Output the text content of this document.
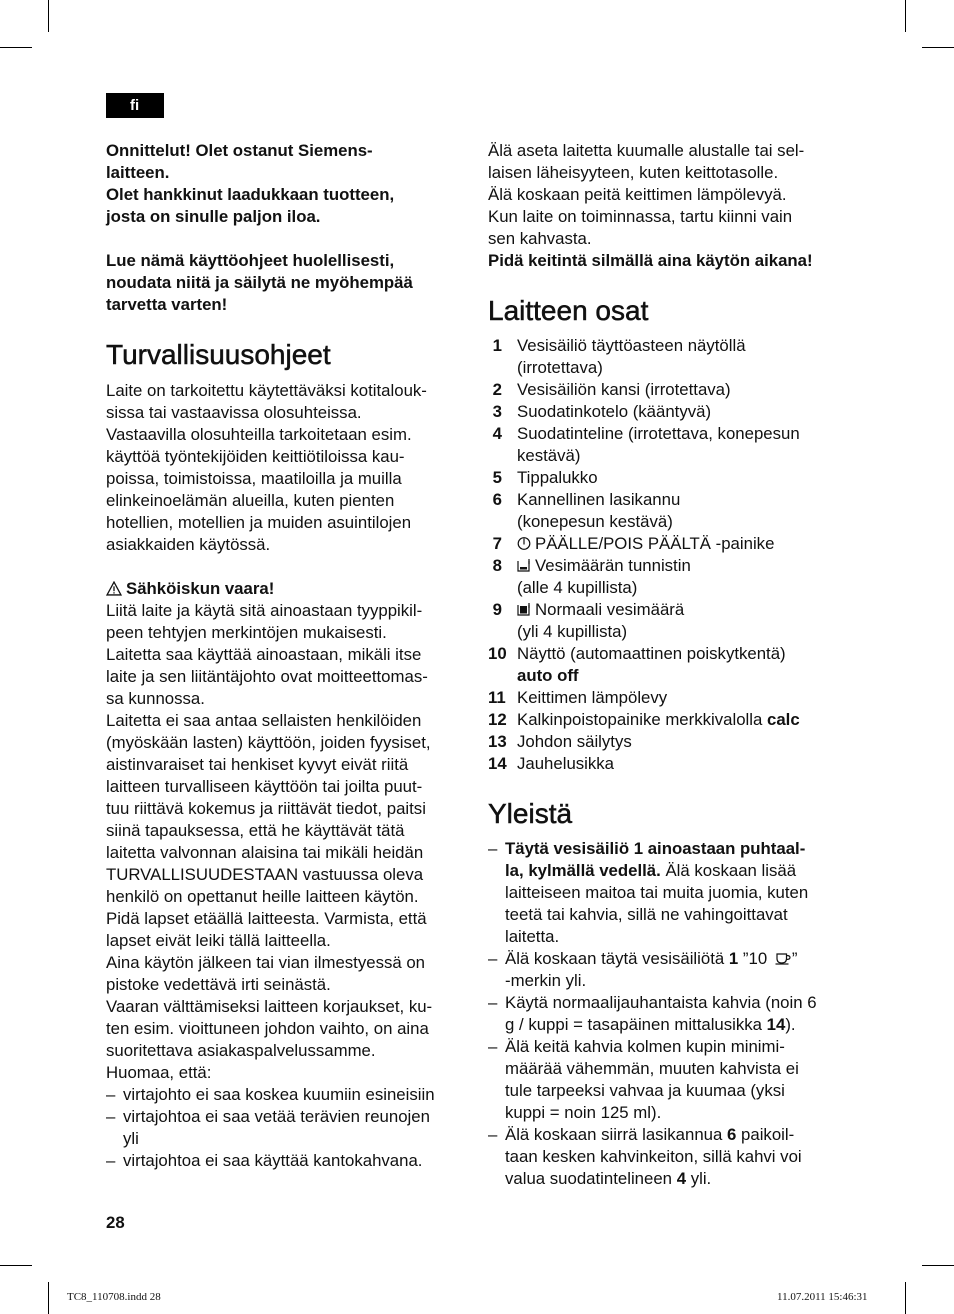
fi

Onnittelut! Olet ostanut Siemens-

laitteen.

Olet hankkinut laadukkaan tuotteen,

josta on sinulle paljon iloa.

Lue nämä käyttöohjeet huolellisesti,

noudata niitä ja säilytä ne myöhempää

tarvetta varten!

Turvallisuusohjeet

Laite on tarkoitettu käytettäväksi kotitalouk-

sissa tai vastaavissa olosuhteissa.

Vastaavilla olosuhteilla tarkoitetaan esim.

käyttöä työntekijöiden keittiötiloissa kau-

poissa, toimistoissa, maatiloilla ja muilla

elinkeinoelämän alueilla, kuten pienten

hotellien, motellien ja muiden asuintilojen

asiakkaiden käytössä.

Sähköiskun vaara!

Liitä laite ja käytä sitä ainoastaan tyyppikil-

peen tehtyjen merkintöjen mukaisesti.

Laitetta saa käyttää ainoastaan, mikäli itse

laite ja sen liitäntäjohto ovat moitteettomas-

sa kunnossa.

Laitetta ei saa antaa sellaisten henkilöiden

(myöskään lasten) käyttöön, joiden fyysiset,

aistinvaraiset tai henkiset kyvyt eivät riitä

laitteen turvalliseen käyttöön tai joilta puut-

tuu riittävä kokemus ja riittävät tiedot, paitsi

siinä tapauksessa, että he käyttävät tätä

laitetta valvonnan alaisina tai mikäli heidän

TURVALLISUUDESTAAN vastuussa oleva

henkilö on opettanut heille laitteen käytön.

Pidä lapset etäällä laitteesta. Varmista, että

lapset eivät leiki tällä laitteella.

Aina käytön jälkeen tai vian ilmestyessä on

pistoke vedettävä irti seinästä.

Vaaran välttämiseksi laitteen korjaukset, ku-

ten esim. vioittuneen johdon vaihto, on aina

suoritettava asiakaspalvelussamme.

Huomaa, että:

– virtajohto ei saa koskea kuumiin esineisiin

– virtajohtoa ei saa vetää terävien reunojen

yli

– virtajohtoa ei saa käyttää kantokahvana.

Älä aseta laitetta kuumalle alustalle tai sel-

laisen läheisyyteen, kuten keittotasolle.

Älä koskaan peitä keittimen lämpölevyä.

Kun laite on toiminnassa, tartu kiinni vain

sen kahvasta.

Pidä keitintä silmällä aina käytön aikana!

Laitteen osat
1 Vesisäiliö täyttöasteen näytöllä

(irrotettava)

2 Vesisäiliön kansi (irrotettava)

3 Suodatinkotelo (kääntyvä)

4 Suodatinteline (irrotettava, konepesun

kestävä)

5 Tippalukko

6 Kannellinen lasikannu

(konepesun kestävä)

7	PÄÄLLE/POIS PÄÄLTÄ -painike

8	Vesimäärän tunnistin

(alle 4 kupillista)

9	Normaali vesimäärä

(yli 4 kupillista)

10 Näyttö (automaattinen poiskytkentä)

auto off

11 Keittimen lämpölevy

12 Kalkinpoistopainike merkkivalolla calc

13 Johdon säilytys

14 Jauhelusikka

Yleistä
– Täytä vesisäiliö 1 ainoastaan puhtaal-

la, kylmällä vedellä. Älä koskaan lisää

laitteiseen maitoa tai muita juomia, kuten

teetä tai kahvia, sillä ne vahingoittavat

laitetta.

– Älä koskaan täytä vesisäiliötä 1 ”10 ”

-merkin yli.

– Käytä normaalijauhantaista kahvia (noin 6

g / kuppi = tasapäinen mittalusikka 14).

– Älä keitä kahvia kolmen kupin minimi-

määrää vähemmän, muuten kahvista ei

tule tarpeeksi vahvaa ja kuumaa (yksi

kuppi = noin 125 ml).

– Älä koskaan siirrä lasikannua 6 paikoil-

taan kesken kahvinkeiton, sillä kahvi voi

valua suodatintelineen 4 yli.

28
TC8_110708.indd 28	11.07.2011 15:46:31
